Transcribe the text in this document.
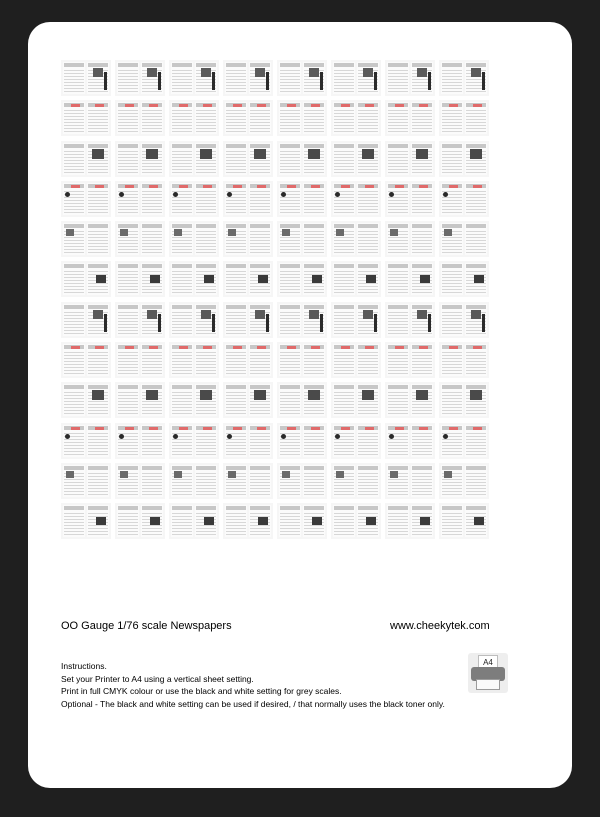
OO Gauge 1/76 scale Newspapers	www.cheekytek.com
Instructions.
Set your Printer to A4 using a vertical sheet setting.
Print in full CMYK colour or use the black and white setting for grey scales.
Optional - The black and white setting can be used if desired, / that normally uses the black toner only.
A4
